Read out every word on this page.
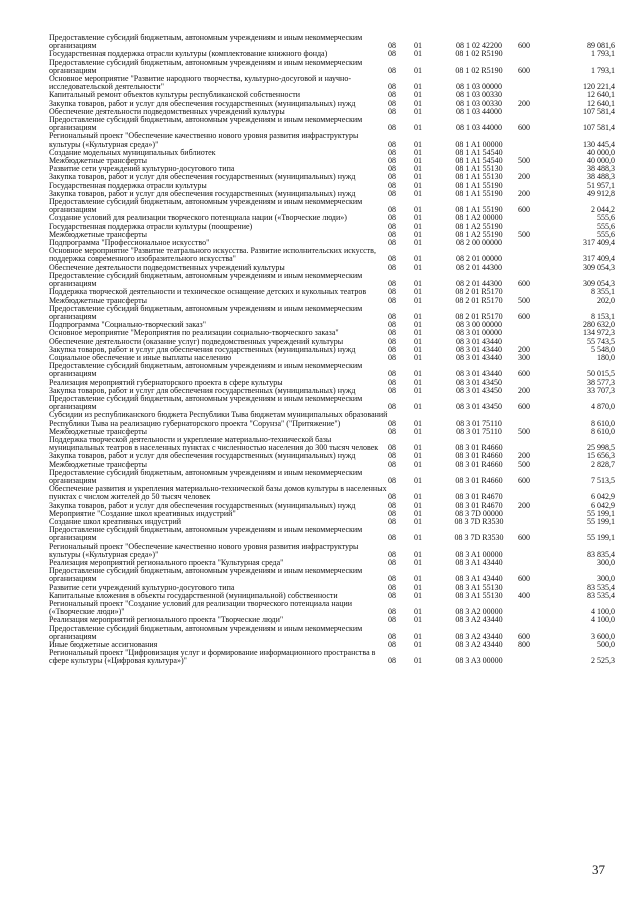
Предоставление субсидий бюджетным, автономным учреждениям и иным некоммерческим организациям	08	01	08 1 02 42200	600	89 081,6
Государственная поддержка отрасли культуры (комплектование книжного фонда)	08	01	08 1 02 R5190		1 793,1
Предоставление субсидий бюджетным, автономным учреждениям и иным некоммерческим организациям	08	01	08 1 02 R5190	600	1 793,1
Основное мероприятие "Развитие народного творчества, культурно-досуговой и научно-исследовательской деятельности"	08	01	08 1 03 00000		120 221,4
Капитальный ремонт объектов культуры республиканской собственности	08	01	08 1 03 00330		12 640,1
Закупка товаров, работ и услуг для обеспечения государственных (муниципальных) нужд	08	01	08 1 03 00330	200	12 640,1
Обеспечение деятельности подведомственных учреждений культуры	08	01	08 1 03 44000		107 581,4
Предоставление субсидий бюджетным, автономным учреждениям и иным некоммерческим организациям	08	01	08 1 03 44000	600	107 581,4
Региональный проект "Обеспечение качественно нового уровня развития инфраструктуры культуры («Культурная среда»)"	08	01	08 1 A1 00000		130 445,4
Создание модельных муниципальных библиотек	08	01	08 1 A1 54540		40 000,0
Межбюджетные трансферты	08	01	08 1 A1 54540	500	40 000,0
Развитие сети учреждений культурно-досугового типа	08	01	08 1 A1 55130		38 488,3
Закупка товаров, работ и услуг для обеспечения государственных (муниципальных) нужд	08	01	08 1 A1 55130	200	38 488,3
Государственная поддержка отрасли культуры	08	01	08 1 A1 55190		51 957,1
Закупка товаров, работ и услуг для обеспечения государственных (муниципальных) нужд	08	01	08 1 A1 55190	200	49 912,8
Предоставление субсидий бюджетным, автономным учреждениям и иным некоммерческим организациям	08	01	08 1 A1 55190	600	2 044,2
Создание условий для реализации творческого потенциала нации («Творческие люди»)	08	01	08 1 A2 00000		555,6
Государственная поддержка отрасли культуры (поощрение)	08	01	08 1 A2 55190		555,6
Межбюджетные трансферты	08	01	08 1 A2 55190	500	555,6
Подпрограмма "Профессиональное искусство"	08	01	08 2 00 00000		317 409,4
Основное мероприятие "Развитие театрального искусства. Развитие исполнительских искусств, поддержка современного изобразительного искусства"	08	01	08 2 01 00000		317 409,4
Обеспечение деятельности подведомственных учреждений культуры	08	01	08 2 01 44300		309 054,3
Предоставление субсидий бюджетным, автономным учреждениям и иным некоммерческим организациям	08	01	08 2 01 44300	600	309 054,3
Поддержка творческой деятельности и техническое оснащение детских и кукольных театров	08	01	08 2 01 R5170		8 355,1
Межбюджетные трансферты	08	01	08 2 01 R5170	500	202,0
Предоставление субсидий бюджетным, автономным учреждениям и иным некоммерческим организациям	08	01	08 2 01 R5170	600	8 153,1
Подпрограмма "Социально-творческий заказ"	08	01	08 3 00 00000		280 632,0
Основное мероприятие "Мероприятия по реализации социально-творческого заказа"	08	01	08 3 01 00000		134 972,3
Обеспечение деятельности (оказание услуг) подведомственных учреждений культуры	08	01	08 3 01 43440		55 743,5
Закупка товаров, работ и услуг для обеспечения государственных (муниципальных) нужд	08	01	08 3 01 43440	200	5 548,0
Социальное обеспечение и иные выплаты населению	08	01	08 3 01 43440	300	180,0
Предоставление субсидий бюджетным, автономным учреждениям и иным некоммерческим организациям	08	01	08 3 01 43440	600	50 015,5
Реализация мероприятий губернаторского проекта в сфере культуры	08	01	08 3 01 43450		38 577,3
Закупка товаров, работ и услуг для обеспечения государственных (муниципальных) нужд	08	01	08 3 01 43450	200	33 707,3
Предоставление субсидий бюджетным, автономным учреждениям и иным некоммерческим организациям	08	01	08 3 01 43450	600	4 870,0
Субсидии из республиканского бюджета Республики Тыва бюджетам муниципальных образований Республики Тыва на реализацию губернаторского проекта "Сорунза" ("Притяжение")	08	01	08 3 01 75110		8 610,0
Межбюджетные трансферты	08	01	08 3 01 75110	500	8 610,0
Поддержка творческой деятельности и укрепление материально-технической базы муниципальных театров в населенных пунктах с численностью населения до 300 тысяч человек	08	01	08 3 01 R4660		25 998,5
Закупка товаров, работ и услуг для обеспечения государственных (муниципальных) нужд	08	01	08 3 01 R4660	200	15 656,3
Межбюджетные трансферты	08	01	08 3 01 R4660	500	2 828,7
Предоставление субсидий бюджетным, автономным учреждениям и иным некоммерческим организациям	08	01	08 3 01 R4660	600	7 513,5
Обеспечение развития и укрепления материально-технической базы домов культуры в населенных пунктах с числом жителей до 50 тысяч человек	08	01	08 3 01 R4670		6 042,9
Закупка товаров, работ и услуг для обеспечения государственных (муниципальных) нужд	08	01	08 3 01 R4670	200	6 042,9
Мероприятие "Создание школ креативных индустрий"	08	01	08 3 7D 00000		55 199,1
Создание школ креативных индустрий	08	01	08 3 7D R3530		55 199,1
Предоставление субсидий бюджетным, автономным учреждениям и иным некоммерческим организациям	08	01	08 3 7D R3530	600	55 199,1
Региональный проект "Обеспечение качественно нового уровня развития инфраструктуры культуры («Культурная среда»)"	08	01	08 3 A1 00000		83 835,4
Реализация мероприятий регионального проекта "Культурная среда"	08	01	08 3 A1 43440		300,0
Предоставление субсидий бюджетным, автономным учреждениям и иным некоммерческим организациям	08	01	08 3 A1 43440	600	300,0
Развитие сети учреждений культурно-досугового типа	08	01	08 3 A1 55130		83 535,4
Капитальные вложения в объекты государственной (муниципальной) собственности	08	01	08 3 A1 55130	400	83 535,4
Региональный проект "Создание условий для реализации творческого потенциала нации («Творческие люди»)"	08	01	08 3 A2 00000		4 100,0
Реализация мероприятий регионального проекта "Творческие люди"	08	01	08 3 A2 43440		4 100,0
Предоставление субсидий бюджетным, автономным учреждениям и иным некоммерческим организациям	08	01	08 3 A2 43440	600	3 600,0
Иные бюджетные ассигнования	08	01	08 3 A2 43440	800	500,0
Региональный проект "Цифровизация услуг и формирование информационного пространства в сфере культуры («Цифровая культура»)"	08	01	08 3 A3 00000		2 525,3
37
